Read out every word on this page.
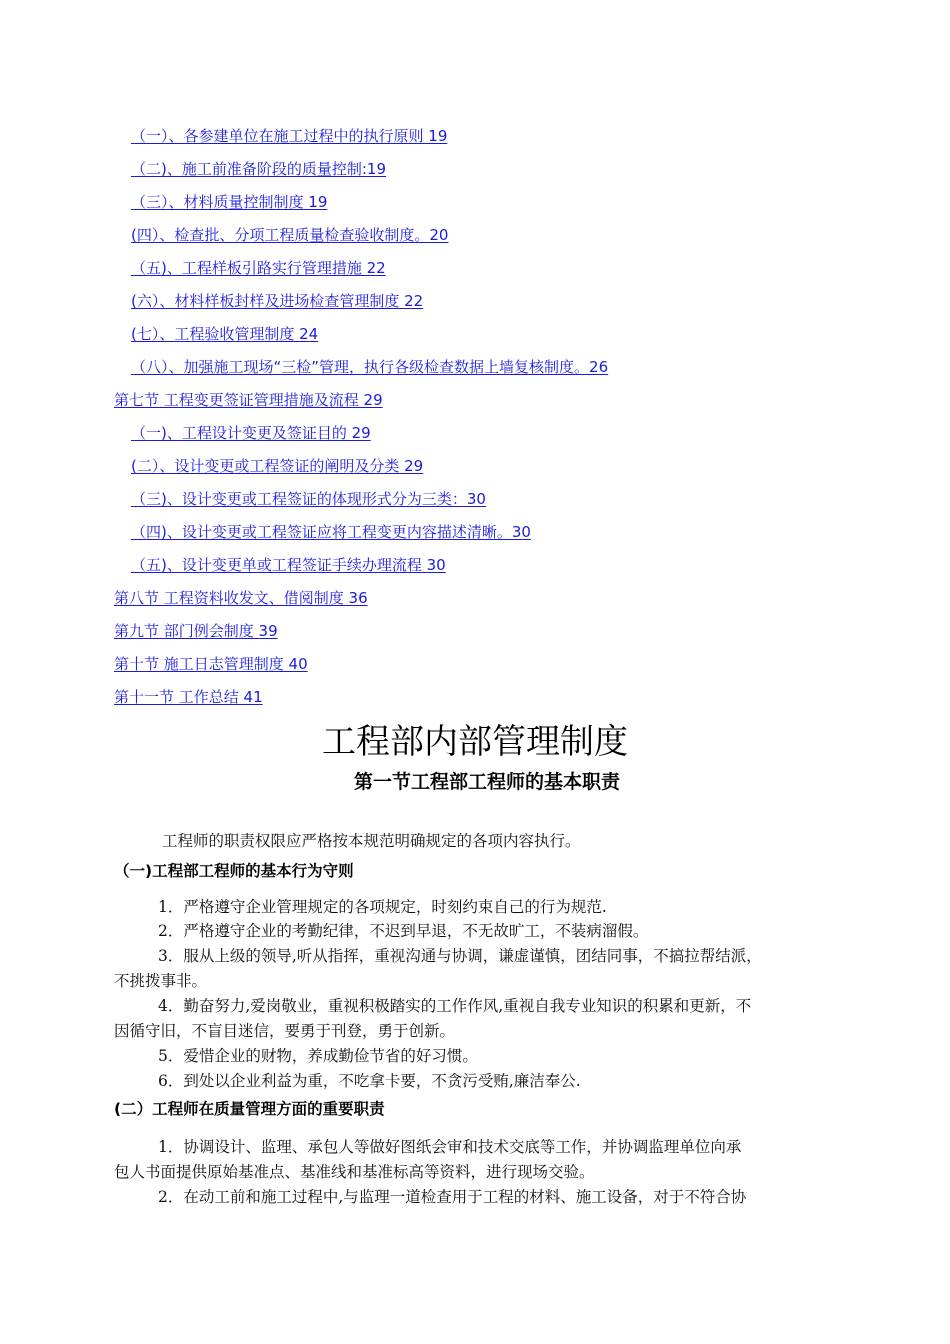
（一）、各参建单位在施工过程中的执行原则 19
（二)、施工前准备阶段的质量控制:19
（三）、材料质量控制制度 19
(四）、检查批、分项工程质量检查验收制度。20
（五)、工程样板引路实行管理措施 22
(六）、材料样板封样及进场检查管理制度 22
(七）、工程验收管理制度 24
（八）、加强施工现场“三检”管理，执行各级检查数据上墙复核制度。26
第七节 工程变更签证管理措施及流程 29
（一)、工程设计变更及签证目的 29
(二）、设计变更或工程签证的阐明及分类 29
（三)、设计变更或工程签证的体现形式分为三类：30
（四)、设计变更或工程签证应将工程变更内容描述清晰。30
（五)、设计变更单或工程签证手续办理流程 30
第八节 工程资料收发文、借阅制度 36
第九节 部门例会制度 39
第十节 施工日志管理制度 40
第十一节 工作总结 41
工程部内部管理制度
第一节工程部工程师的基本职责
工程师的职责权限应严格按本规范明确规定的各项内容执行。
（一)工程部工程师的基本行为守则
1．严格遵守企业管理规定的各项规定，时刻约束自己的行为规范.
2．严格遵守企业的考勤纪律，不迟到早退，不无故旷工，不装病溜假。
3．服从上级的领导,听从指挥，重视沟通与协调，谦虚谨慎，团结同事，不搞拉帮结派，
不挑拨事非。
4．勤奋努力,爱岗敬业，重视积极踏实的工作作风,重视自我专业知识的积累和更新，不
因循守旧，不盲目迷信，要勇于刊登，勇于创新。
5．爱惜企业的财物，养成勤俭节省的好习惯。
6．到处以企业利益为重，不吃拿卡要，不贪污受贿,廉洁奉公.
(二）工程师在质量管理方面的重要职责
1．协调设计、监理、承包人等做好图纸会审和技术交底等工作，并协调监理单位向承
包人书面提供原始基准点、基准线和基准标高等资料，进行现场交验。
2．在动工前和施工过程中,与监理一道检查用于工程的材料、施工设备，对于不符合协
